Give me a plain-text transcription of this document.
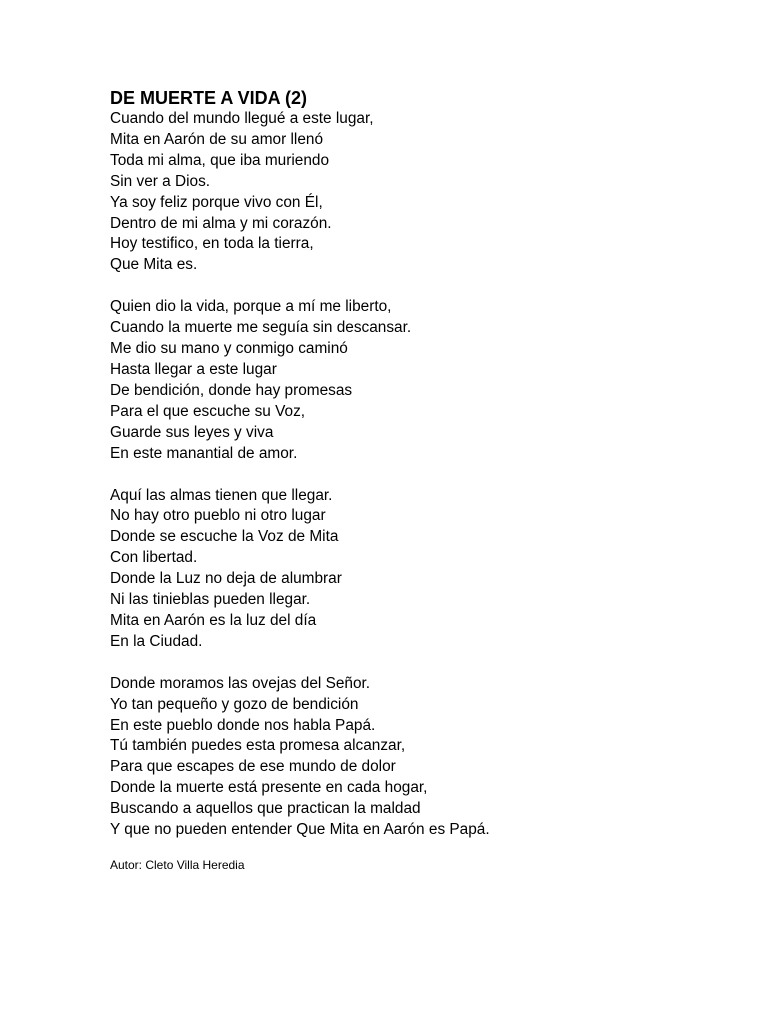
DE MUERTE A VIDA (2)
Cuando del mundo llegué a este lugar,
Mita en Aarón de su amor llenó
Toda mi alma, que iba muriendo
Sin ver a Dios.
Ya soy feliz porque vivo con Él,
Dentro de mi alma y mi corazón.
Hoy testifico, en toda la tierra,
Que Mita es.
Quien dio la vida, porque a mí me liberto,
Cuando la muerte me seguía sin descansar.
Me dio su mano y conmigo caminó
Hasta llegar a este lugar
De bendición, donde hay promesas
Para el que escuche su Voz,
Guarde sus leyes y viva
En este manantial de amor.
Aquí las almas tienen que llegar.
No hay otro pueblo ni otro lugar
Donde se escuche la Voz de Mita
Con libertad.
Donde la Luz no deja de alumbrar
Ni las tinieblas pueden llegar.
Mita en Aarón es la luz del día
En la Ciudad.
Donde moramos las ovejas del Señor.
Yo tan pequeño y gozo de bendición
En este pueblo donde nos habla Papá.
Tú también puedes esta promesa alcanzar,
Para que escapes de ese mundo de dolor
Donde la muerte está presente en cada hogar,
Buscando a aquellos que practican la maldad
Y que no pueden entender Que Mita en Aarón es Papá.
Autor: Cleto Villa Heredia
